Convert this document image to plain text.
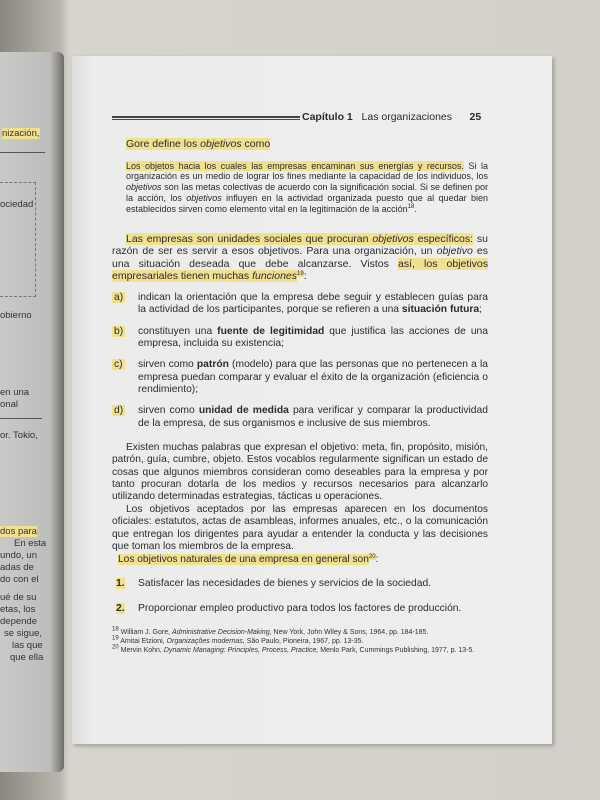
nización,
ociedad
obierno
en una
onal
or. Tokio,
dos para
En esta
undo, un
adas de
do con el
ué de su
etas, los
depende
se sigue,
las que
que ella
Capítulo 1 Las organizaciones 25
Gore define los objetivos como
Los objetos hacia los cuales las empresas encaminan sus energías y recursos. Si la organización es un medio de lograr los fines mediante la capacidad de los individuos, los objetivos son las metas colectivas de acuerdo con la significación social. Si se definen por la acción, los objetivos influyen en la actividad organizada puesto que al quedar bien establecidos sirven como elemento vital en la legitimación de la acción$^{18}$.
Las empresas son unidades sociales que procuran objetivos específicos: su razón de ser es servir a esos objetivos. Para una organización, un objetivo es una situación deseada que debe alcanzarse. Vistos así, los objetivos empresariales tienen muchas funciones$^{19}$:
a)	indican la orientación que la empresa debe seguir y establecen guías para la actividad de los participantes, porque se refieren a una situación futura;
b)	constituyen una fuente de legitimidad que justifica las acciones de una empresa, incluida su existencia;
c)	sirven como patrón (modelo) para que las personas que no pertenecen a la empresa puedan comparar y evaluar el éxito de la organización (eficiencia o rendimiento);
d)	sirven como unidad de medida para verificar y comparar la productividad de la empresa, de sus organismos e inclusive de sus miembros.
Existen muchas palabras que expresan el objetivo: meta, fin, propósito, misión, patrón, guía, cumbre, objeto. Estos vocablos regularmente significan un estado de cosas que algunos miembros consideran como deseables para la empresa y por tanto procuran dotarla de los medios y recursos necesarios para alcanzarlo utilizando determinadas estrategias, tácticas u operaciones.
Los objetivos aceptados por las empresas aparecen en los documentos oficiales: estatutos, actas de asambleas, informes anuales, etc., o la comunicación que entregan los dirigentes para ayudar a entender la conducta y las decisiones que toman los miembros de la empresa.
Los objetivos naturales de una empresa en general son$^{20}$:
1.	Satisfacer las necesidades de bienes y servicios de la sociedad.
2.	Proporcionar empleo productivo para todos los factores de producción.
$^{18}$ William J. Gore, Administrative Decision-Making, New York, John Wiley & Sons, 1964, pp. 184-185.
$^{19}$ Amitai Etzioni, Organizações modernas, São Paulo, Pioneira, 1967, pp. 13-35.
$^{20}$ Mervin Kohn, Dynamic Managing: Principles, Process, Practice, Menlo Park, Cummings Publishing, 1977, p. 13-5.
